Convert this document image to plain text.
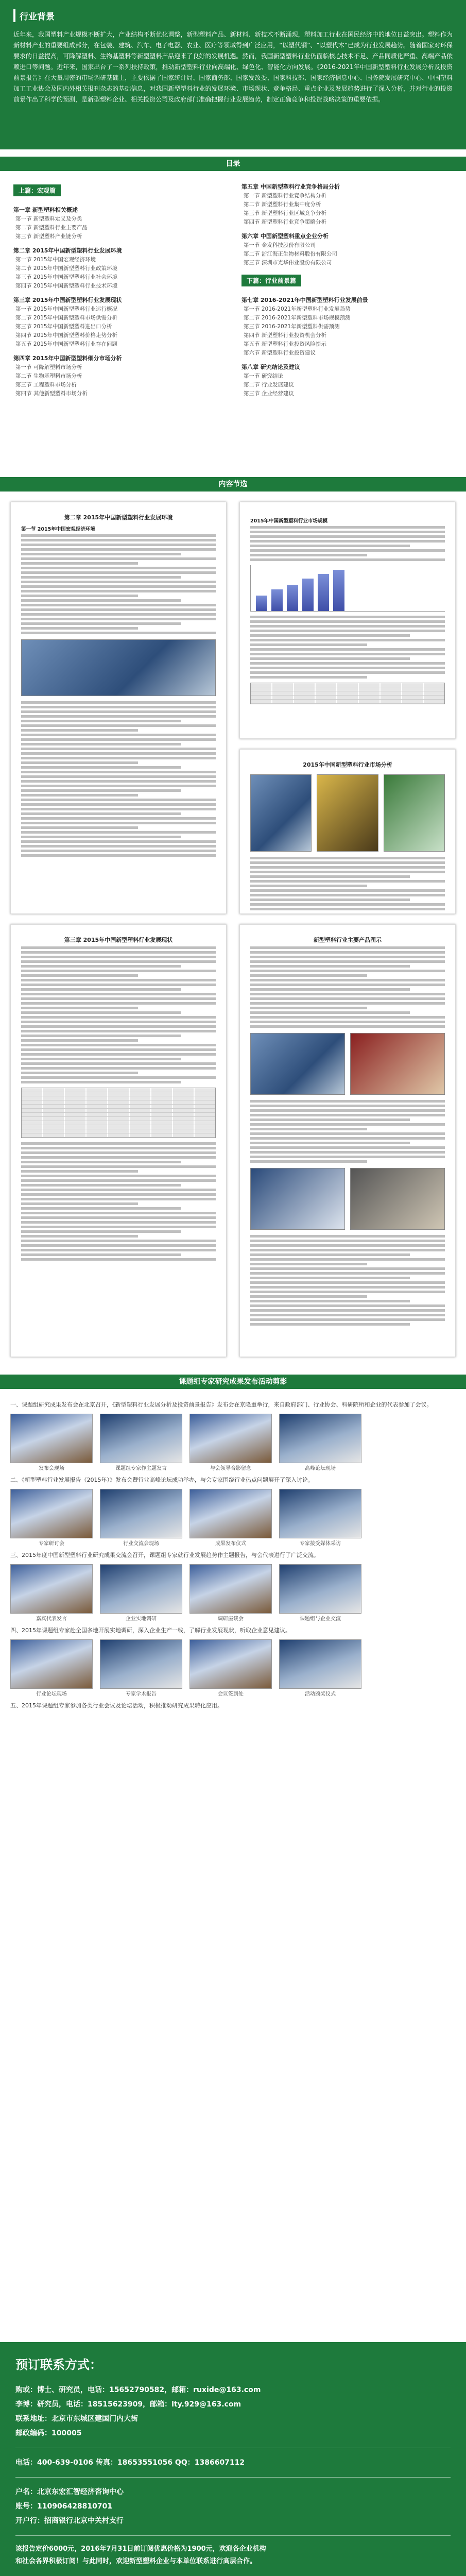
行业背景

近年来，我国塑料产业规模不断扩大，产业结构不断优化调整，新型塑料产品、新材料、新技术不断涌现，塑料加工行业在国民经济中的地位日益突出。塑料作为新材料产业的重要组成部分，在包装、建筑、汽车、电子电器、农业、医疗等领域得到广泛应用，“以塑代钢”、“以塑代木”已成为行业发展趋势。随着国家对环保要求的日益提高，可降解塑料、生物基塑料等新型塑料产品迎来了良好的发展机遇。然而，我国新型塑料行业仍面临核心技术不足、产品同质化严重、高端产品依赖进口等问题。近年来，国家出台了一系列扶持政策，推动新型塑料行业向高端化、绿色化、智能化方向发展。《2016-2021年中国新型塑料行业发展分析及投资前景报告》在大量周密的市场调研基础上，主要依据了国家统计局、国家商务部、国家发改委、国家科技部、国家经济信息中心、国务院发展研究中心、中国塑料加工工业协会及国内外相关报刊杂志的基础信息，对我国新型塑料行业的发展环境、市场现状、竞争格局、重点企业及发展趋势进行了深入分析，并对行业的投资前景作出了科学的预测，是新型塑料企业、相关投资公司及政府部门准确把握行业发展趋势，制定正确竞争和投资战略决策的重要依据。

目录
上篇：宏观篇
第一章 新型塑料相关概述
第一节 新型塑料定义及分类
第二节 新型塑料行业主要产品
第三节 新型塑料产业链分析
第二章 2015年中国新型塑料行业发展环境
第一节 2015年中国宏观经济环境
第二节 2015年中国新型塑料行业政策环境
第三节 2015年中国新型塑料行业社会环境
第四节 2015年中国新型塑料行业技术环境
第三章 2015年中国新型塑料行业发展现状
第一节 2015年中国新型塑料行业运行概况
第二节 2015年中国新型塑料市场供需分析
第三节 2015年中国新型塑料进出口分析
第四节 2015年中国新型塑料价格走势分析
第五节 2015年中国新型塑料行业存在问题
第四章 2015年中国新型塑料细分市场分析
第一节 可降解塑料市场分析
第二节 生物基塑料市场分析
第三节 工程塑料市场分析
第四节 其他新型塑料市场分析
第五章 中国新型塑料行业竞争格局分析
第一节 新型塑料行业竞争结构分析
第二节 新型塑料行业集中度分析
第三节 新型塑料行业区域竞争分析
第四节 新型塑料行业竞争策略分析
第六章 中国新型塑料重点企业分析
第一节 金发科技股份有限公司
第二节 浙江海正生物材料股份有限公司
第三节 深圳市光华伟业股份有限公司
下篇：行业前景篇
第七章 2016-2021年中国新型塑料行业发展前景
第一节 2016-2021年新型塑料行业发展趋势
第二节 2016-2021年新型塑料市场规模预测
第三节 2016-2021年新型塑料供需预测
第四节 新型塑料行业投资机会分析
第五节 新型塑料行业投资风险提示
第六节 新型塑料行业投资建议
第八章 研究结论及建议
第一节 研究结论
第二节 行业发展建议
第三节 企业经营建议
内容节选
第二章 2015年中国新型塑料行业发展环境
第一节 2015年中国宏观经济环境
2015年中国新型塑料行业市场规模
2015年中国新型塑料行业市场分析
第三章 2015年中国新型塑料行业发展现状	新型塑料行业主要产品图示
课题组专家研究成果发布活动剪影
一、课题组研究成果发布会在北京召开，《新型塑料行业发展分析及投资前景报告》发布会在京隆重举行，来自政府部门、行业协会、科研院所和企业的代表参加了会议。
发布会现场	课题组专家作主题发言	与会领导合影留念	高峰论坛现场
二、《新型塑料行业发展报告（2015年）》发布会暨行业高峰论坛成功举办，与会专家围绕行业热点问题展开了深入讨论。
专家研讨会	行业交流会现场	成果发布仪式	专家接受媒体采访
三、2015年度中国新型塑料行业研究成果交流会召开，课题组专家就行业发展趋势作主题报告，与会代表进行了广泛交流。
嘉宾代表发言	企业实地调研	调研座谈会	课题组与企业交流
四、2015年课题组专家赴全国多地开展实地调研，深入企业生产一线，了解行业发展现状，听取企业意见建议。
行业论坛现场	专家学术报告	会议签到处	活动颁奖仪式
五、2015年课题组专家参加各类行业会议及论坛活动，积极推动研究成果转化应用。
预订联系方式：
购或：博士、研究员，电话：15652790582，邮箱：ruxide@163.com
李博：研究员，电话：18515623909，邮箱：lty.929@163.com
联系地址：北京市东城区建国门内大街
邮政编码：100005
电话：400-639-0106 传真：18653551056 QQ：1386607112
户名：北京东宏汇智经济咨询中心
账号：11090642881070​1
开户行：招商银行北京中关村支行
该报告定价6000元，2016年7月31日前订阅优惠价格为1900元，欢迎各企业机构
和社会各界积极订阅！与此同时，欢迎新型塑料企业与本单位联系进行高层合作。
